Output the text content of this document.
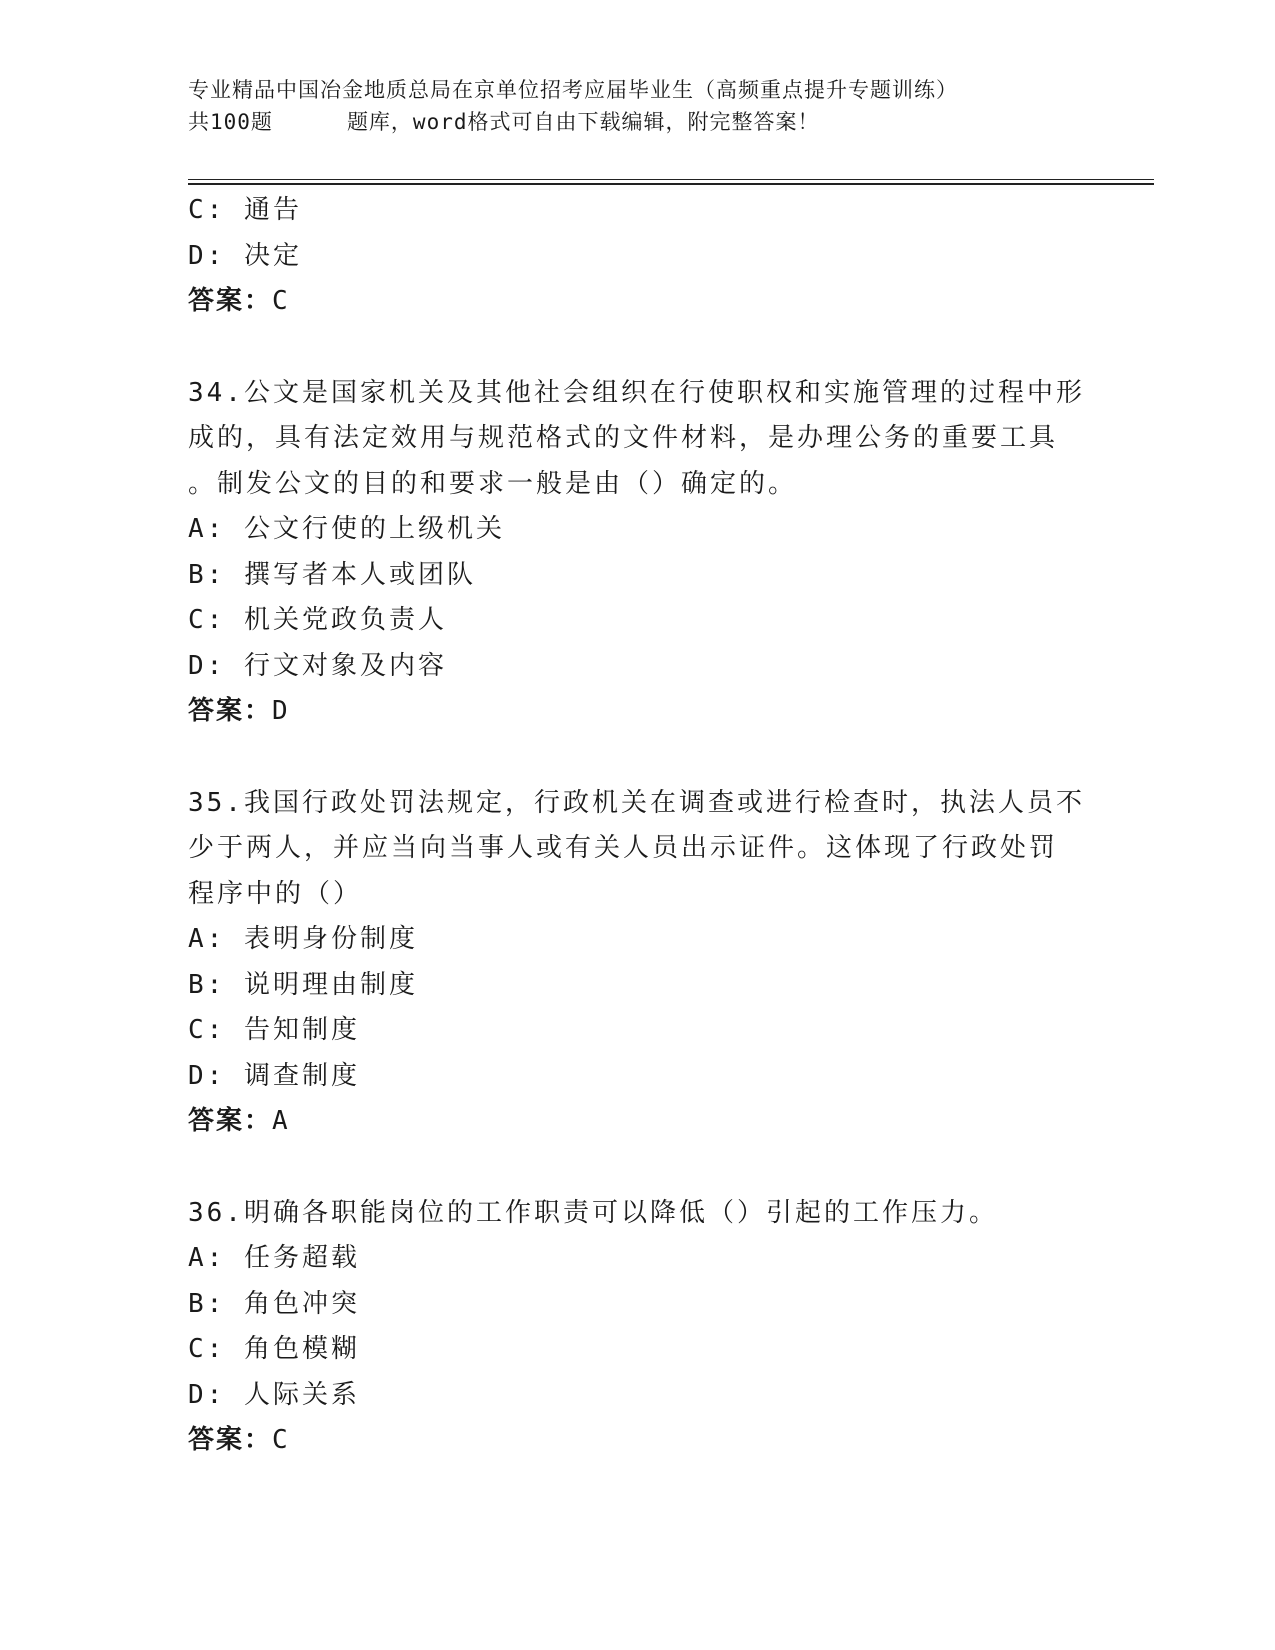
专业精品中国冶金地质总局在京单位招考应届毕业生（高频重点提升专题训练）
共100题	题库，word格式可自由下载编辑，附完整答案！

C: 通告

D: 决定

答案：C

34.公文是国家机关及其他社会组织在行使职权和实施管理的过程中形

成的，具有法定效用与规范格式的文件材料，是办理公务的重要工具

。制发公文的目的和要求一般是由（）确定的。

A: 公文行使的上级机关

B: 撰写者本人或团队

C: 机关党政负责人

D: 行文对象及内容

答案：D

35.我国行政处罚法规定，行政机关在调查或进行检查时，执法人员不

少于两人，并应当向当事人或有关人员出示证件。这体现了行政处罚

程序中的（）

A: 表明身份制度

B: 说明理由制度

C: 告知制度

D: 调查制度

答案：A

36.明确各职能岗位的工作职责可以降低（）引起的工作压力。

A: 任务超载

B: 角色冲突

C: 角色模糊

D: 人际关系

答案：C
